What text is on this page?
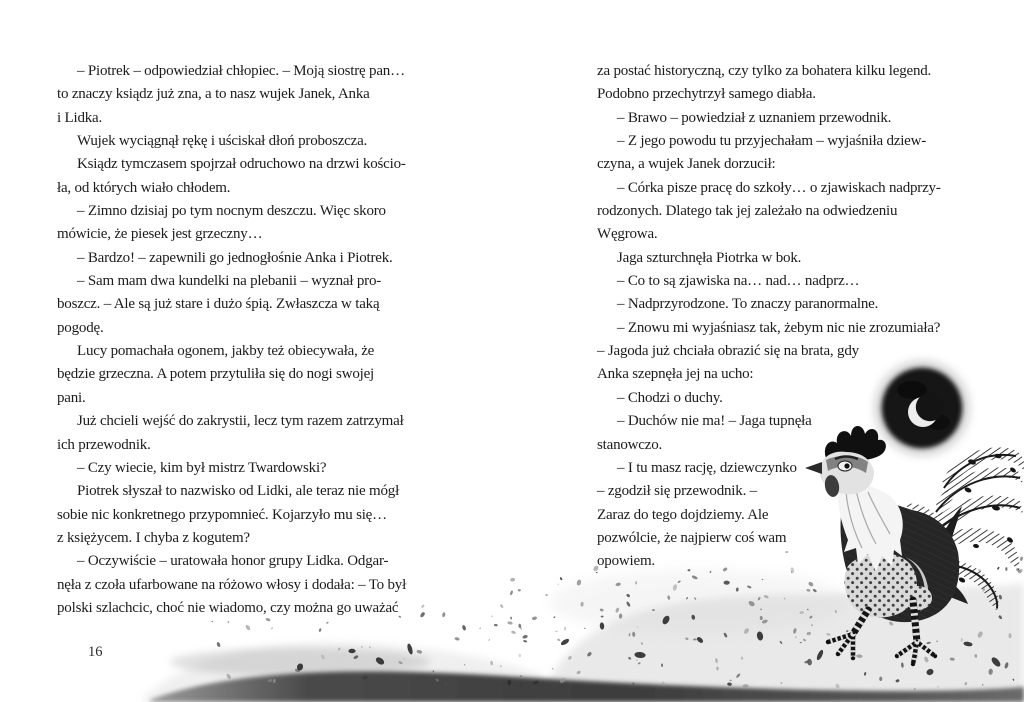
– Piotrek – odpowiedział chłopiec. – Moją siostrę pan…
to znaczy ksiądz już zna, a to nasz wujek Janek, Anka
i Lidka.
Wujek wyciągnął rękę i uściskał dłoń proboszcza.
Ksiądz tymczasem spojrzał odruchowo na drzwi kościo-
ła, od których wiało chłodem.
– Zimno dzisiaj po tym nocnym deszczu. Więc skoro
mówicie, że piesek jest grzeczny…
– Bardzo! – zapewnili go jednogłośnie Anka i Piotrek.
– Sam mam dwa kundelki na plebanii – wyznał pro-
boszcz. – Ale są już stare i dużo śpią. Zwłaszcza w taką
pogodę.
Lucy pomachała ogonem, jakby też obiecywała, że
będzie grzeczna. A potem przytuliła się do nogi swojej
pani.
Już chcieli wejść do zakrystii, lecz tym razem zatrzymał
ich przewodnik.
– Czy wiecie, kim był mistrz Twardowski?
Piotrek słyszał to nazwisko od Lidki, ale teraz nie mógł
sobie nic konkretnego przypomnieć. Kojarzyło mu się…
z księżycem. I chyba z kogutem?
– Oczywiście – uratowała honor grupy Lidka. Odgar-
nęła z czoła ufarbowane na różowo włosy i dodała: – To był
polski szlachcic, choć nie wiadomo, czy można go uważać
za postać historyczną, czy tylko za bohatera kilku legend.
Podobno przechytrzył samego diabła.
– Brawo – powiedział z uznaniem przewodnik.
– Z jego powodu tu przyjechałam – wyjaśniła dziew-
czyna, a wujek Janek dorzucił:
– Córka pisze pracę do szkoły… o zjawiskach nadprzy-
rodzonych. Dlatego tak jej zależało na odwiedzeniu
Węgrowa.
Jaga szturchnęła Piotrka w bok.
– Co to są zjawiska na… nad… nadprz…
– Nadprzyrodzone. To znaczy paranormalne.
– Znowu mi wyjaśniasz tak, żebym nic nie zrozumiała?
– Jagoda już chciała obrazić się na brata, gdy
Anka szepnęła jej na ucho:
– Chodzi o duchy.
– Duchów nie ma! – Jaga tupnęła
stanowczo.
– I tu masz rację, dziewczynko
– zgodził się przewodnik. –
Zaraz do tego dojdziemy. Ale
pozwólcie, że najpierw coś wam
opowiem.
16
